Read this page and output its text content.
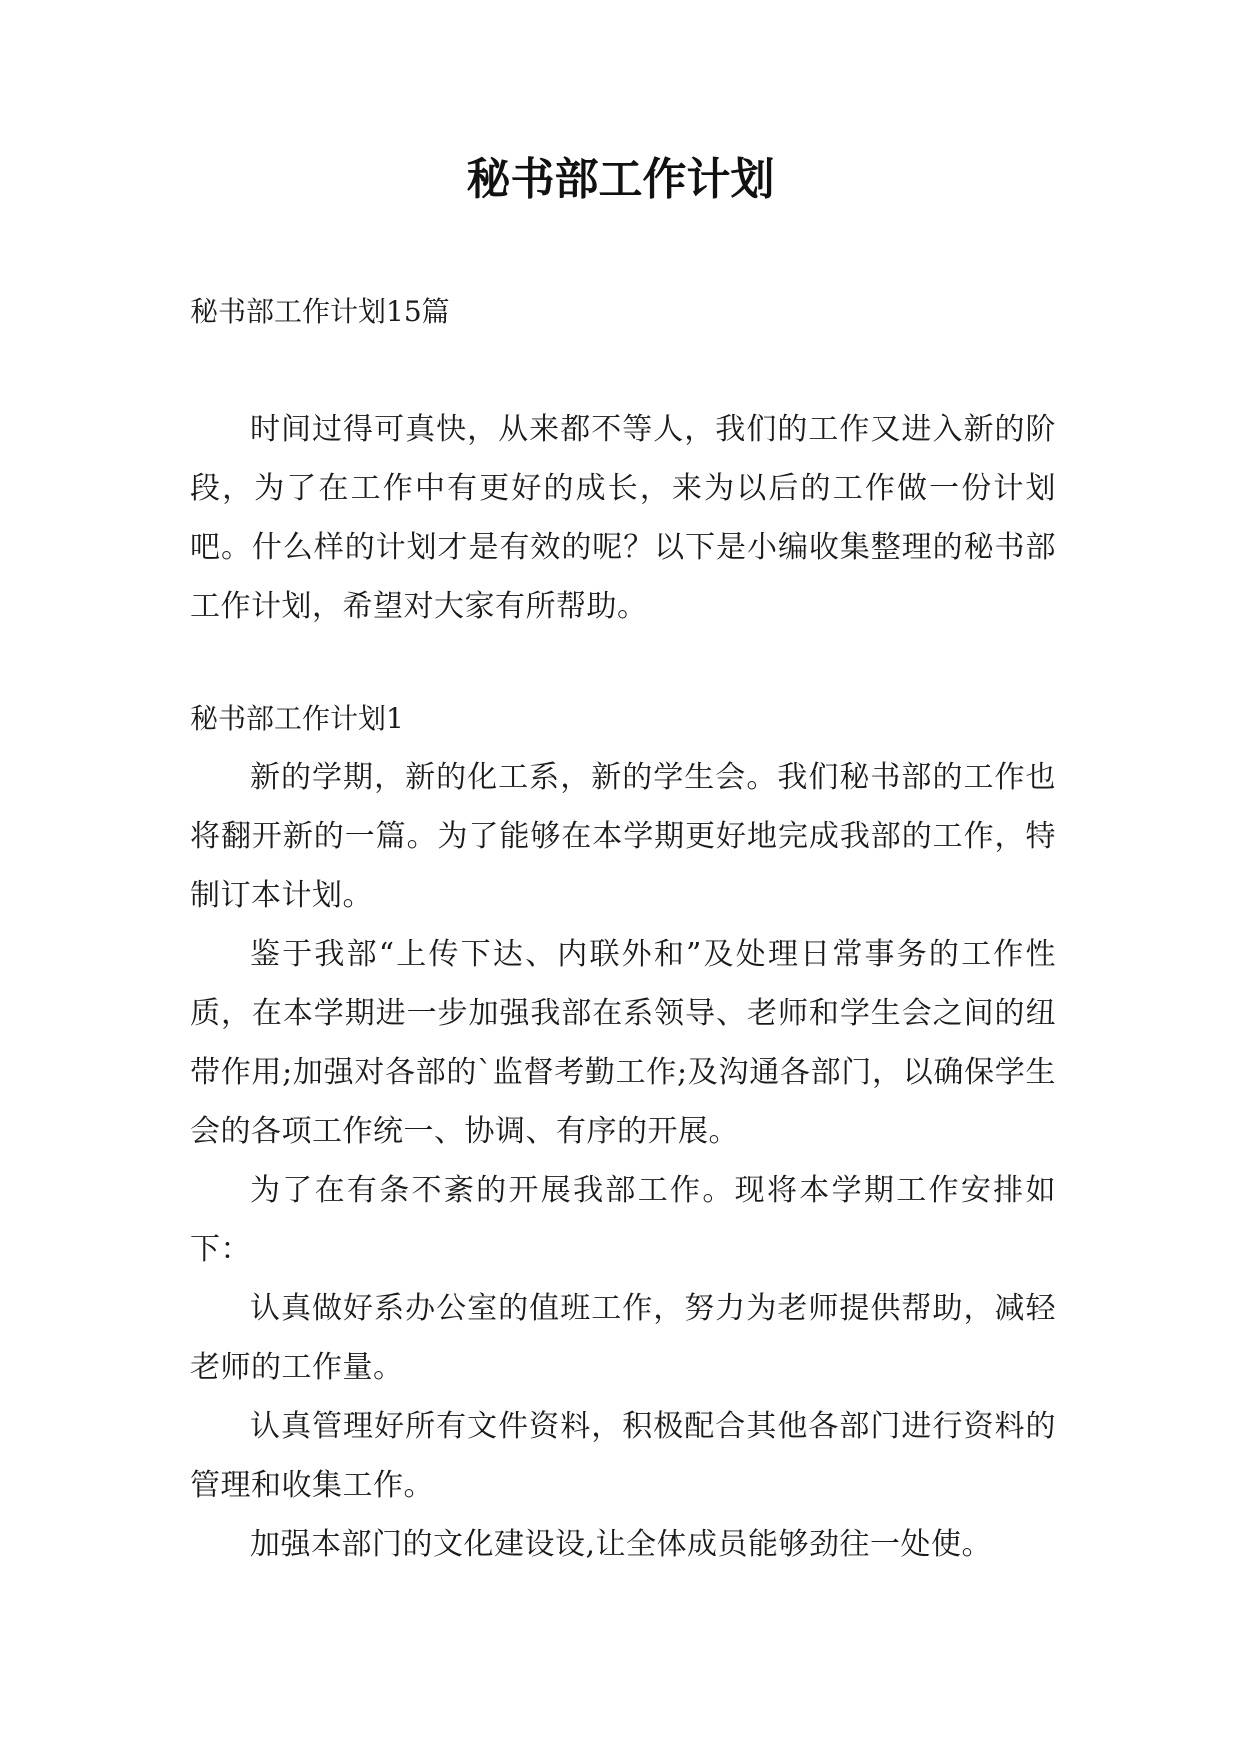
秘书部工作计划

秘书部工作计划15篇

时间过得可真快，从来都不等人，我们的工作又进入新的阶段，为了在工作中有更好的成长，来为以后的工作做一份计划吧。什么样的计划才是有效的呢？以下是小编收集整理的秘书部工作计划，希望对大家有所帮助。

秘书部工作计划1

新的学期，新的化工系，新的学生会。我们秘书部的工作也将翻开新的一篇。为了能够在本学期更好地完成我部的工作，特制订本计划。

鉴于我部“上传下达、内联外和”及处理日常事务的工作性质，在本学期进一步加强我部在系领导、老师和学生会之间的纽带作用;加强对各部的`监督考勤工作;及沟通各部门，以确保学生会的各项工作统一、协调、有序的开展。

为了在有条不紊的开展我部工作。现将本学期工作安排如下：

认真做好系办公室的值班工作，努力为老师提供帮助，减轻老师的工作量。

认真管理好所有文件资料，积极配合其他各部门进行资料的管理和收集工作。

加强本部门的文化建设设,让全体成员能够劲往一处使。
